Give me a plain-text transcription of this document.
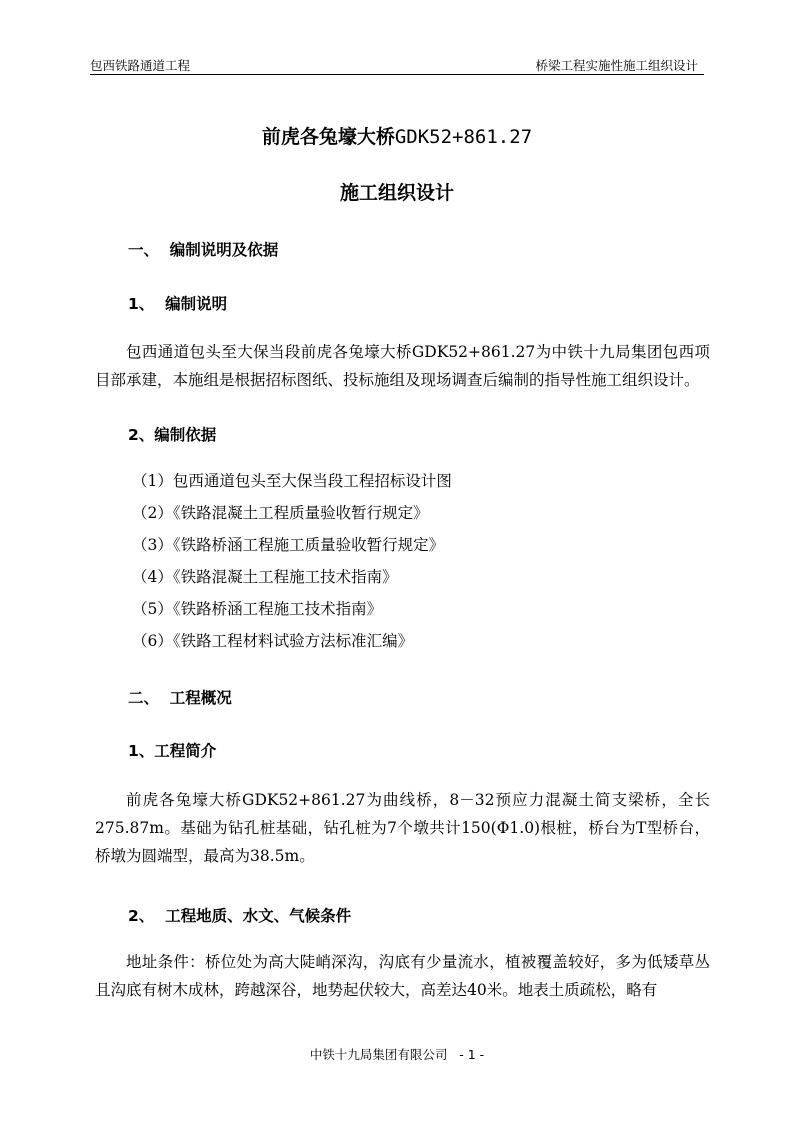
包西铁路通道工程	桥梁工程实施性施工组织设计
前虎各兔壕大桥GDK52+861.27
施工组织设计
一、  编制说明及依据
1、  编制说明

包西通道包头至大保当段前虎各兔壕大桥GDK52+861.27为中铁十九局集团包西项目部承建，本施组是根据招标图纸、投标施组及现场调查后编制的指导性施工组织设计。

2、编制依据
（1）包西通道包头至大保当段工程招标设计图
（2）《铁路混凝土工程质量验收暂行规定》
（3）《铁路桥涵工程施工质量验收暂行规定》
（4）《铁路混凝土工程施工技术指南》
（5）《铁路桥涵工程施工技术指南》
（6）《铁路工程材料试验方法标准汇编》
二、  工程概况
1、工程简介

前虎各兔壕大桥GDK52+861.27为曲线桥，8－32预应力混凝土简支梁桥，全长275.87m。基础为钻孔桩基础，钻孔桩为7个墩共计150(Φ1.0)根桩，桥台为T型桥台，桥墩为圆端型，最高为38.5m。

2、  工程地质、水文、气候条件

地址条件：桥位处为高大陡峭深沟，沟底有少量流水，植被覆盖较好，多为低矮草丛且沟底有树木成林，跨越深谷，地势起伏较大，高差达40米。地表土质疏松，略有

中铁十九局集团有限公司   - 1 -
